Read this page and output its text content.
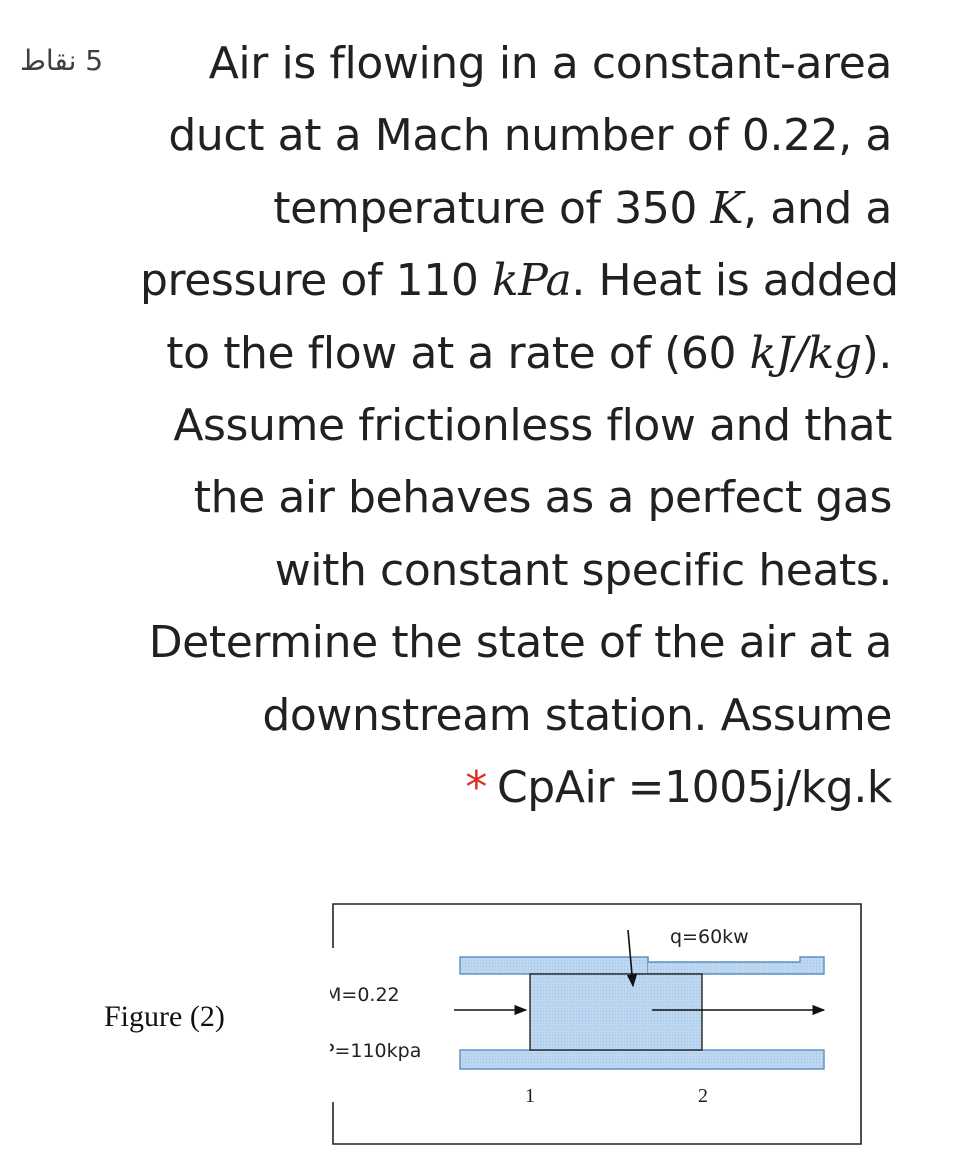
5 نقاط	Air is flowing in a constant-area
duct at a Mach number of 0.22, a
temperature of 350 K, and a
pressure of 110 kPa. Heat is added
to the flow at a rate of (60 kJ/kg).
Assume frictionless flow and that
the air behaves as a perfect gas
with constant specific heats.
Determine the state of the air at a
downstream station. Assume
* CpAir =1005j/kg.k
Figure (2)
q=60kw
M=0.22
P=110kpa
1	2
